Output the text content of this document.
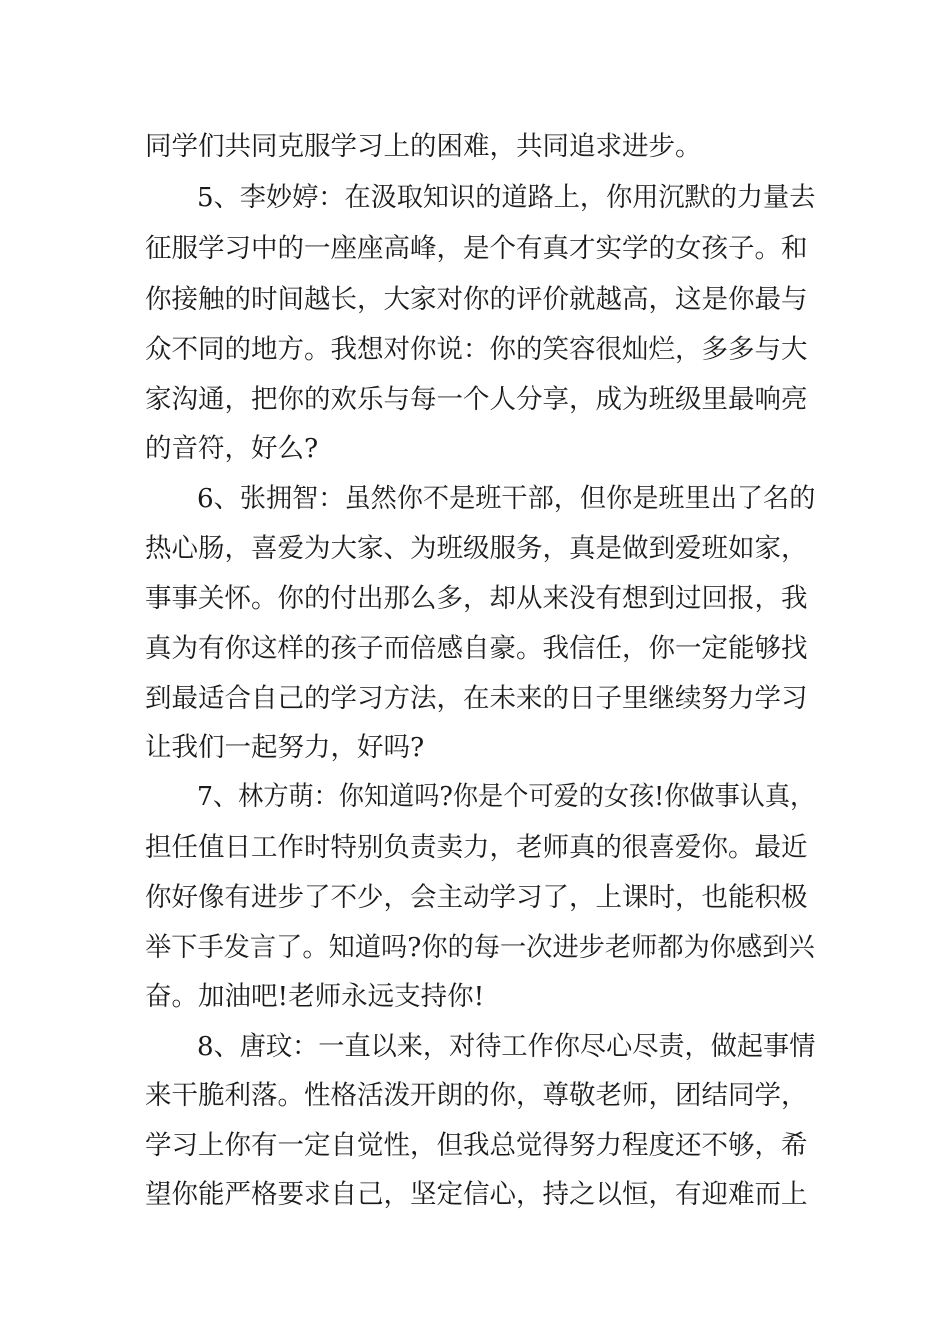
同学们共同克服学习上的困难，共同追求进步。
5、李妙婷：在汲取知识的道路上，你用沉默的力量去
征服学习中的一座座高峰，是个有真才实学的女孩子。和
你接触的时间越长，大家对你的评价就越高，这是你最与
众不同的地方。我想对你说：你的笑容很灿烂，多多与大
家沟通，把你的欢乐与每一个人分享，成为班级里最响亮
的音符，好么?
6、张拥智：虽然你不是班干部，但你是班里出了名的
热心肠，喜爱为大家、为班级服务，真是做到爱班如家，
事事关怀。你的付出那么多，却从来没有想到过回报，我
真为有你这样的孩子而倍感自豪。我信任，你一定能够找
到最适合自己的学习方法，在未来的日子里继续努力学习
让我们一起努力，好吗?
7、林方萌：你知道吗?你是个可爱的女孩!你做事认真，
担任值日工作时特别负责卖力，老师真的很喜爱你。最近
你好像有进步了不少，会主动学习了，上课时，也能积极
举下手发言了。知道吗?你的每一次进步老师都为你感到兴
奋。加油吧!老师永远支持你!
8、唐玟：一直以来，对待工作你尽心尽责，做起事情
来干脆利落。性格活泼开朗的你，尊敬老师，团结同学，
学习上你有一定自觉性，但我总觉得努力程度还不够，希
望你能严格要求自己，坚定信心，持之以恒，有迎难而上
